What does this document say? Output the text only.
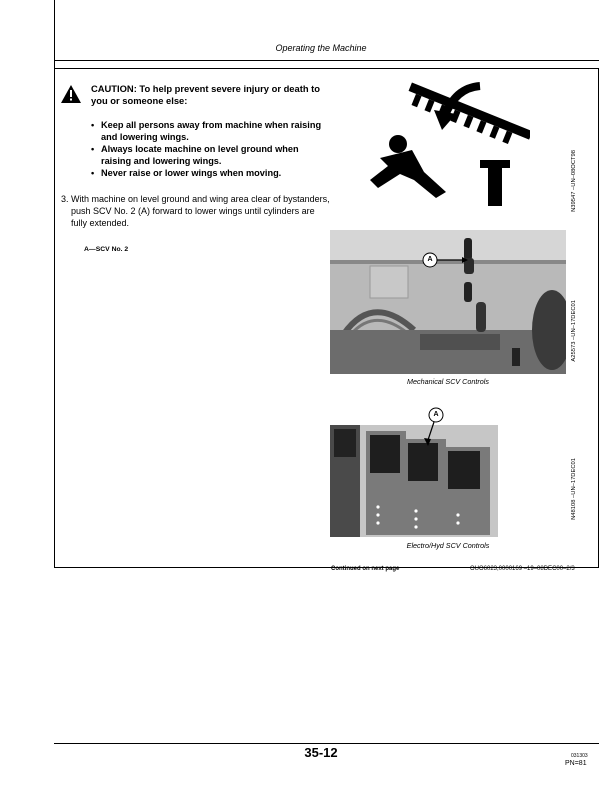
Operating the Machine
CAUTION: To help prevent severe injury or death to you or someone else:
• Keep all persons away from machine when raising and lowering wings.
• Always locate machine on level ground when raising and lowering wings.
• Never raise or lower wings when moving.
3. With machine on level ground and wing area clear of bystanders, push SCV No. 2 (A) forward to lower wings until cylinders are fully extended.
A—SCV No. 2
N39547 –UN–08OCT98
A
A25573 –UN–17DEC01
Mechanical SCV Controls
A
N48108 –UN–17DEC01
Electro/Hyd SCV Controls
Continued on next page	OUO6023,0000169 –19–08DEC00–2/3
35-12	031303
PN=81
